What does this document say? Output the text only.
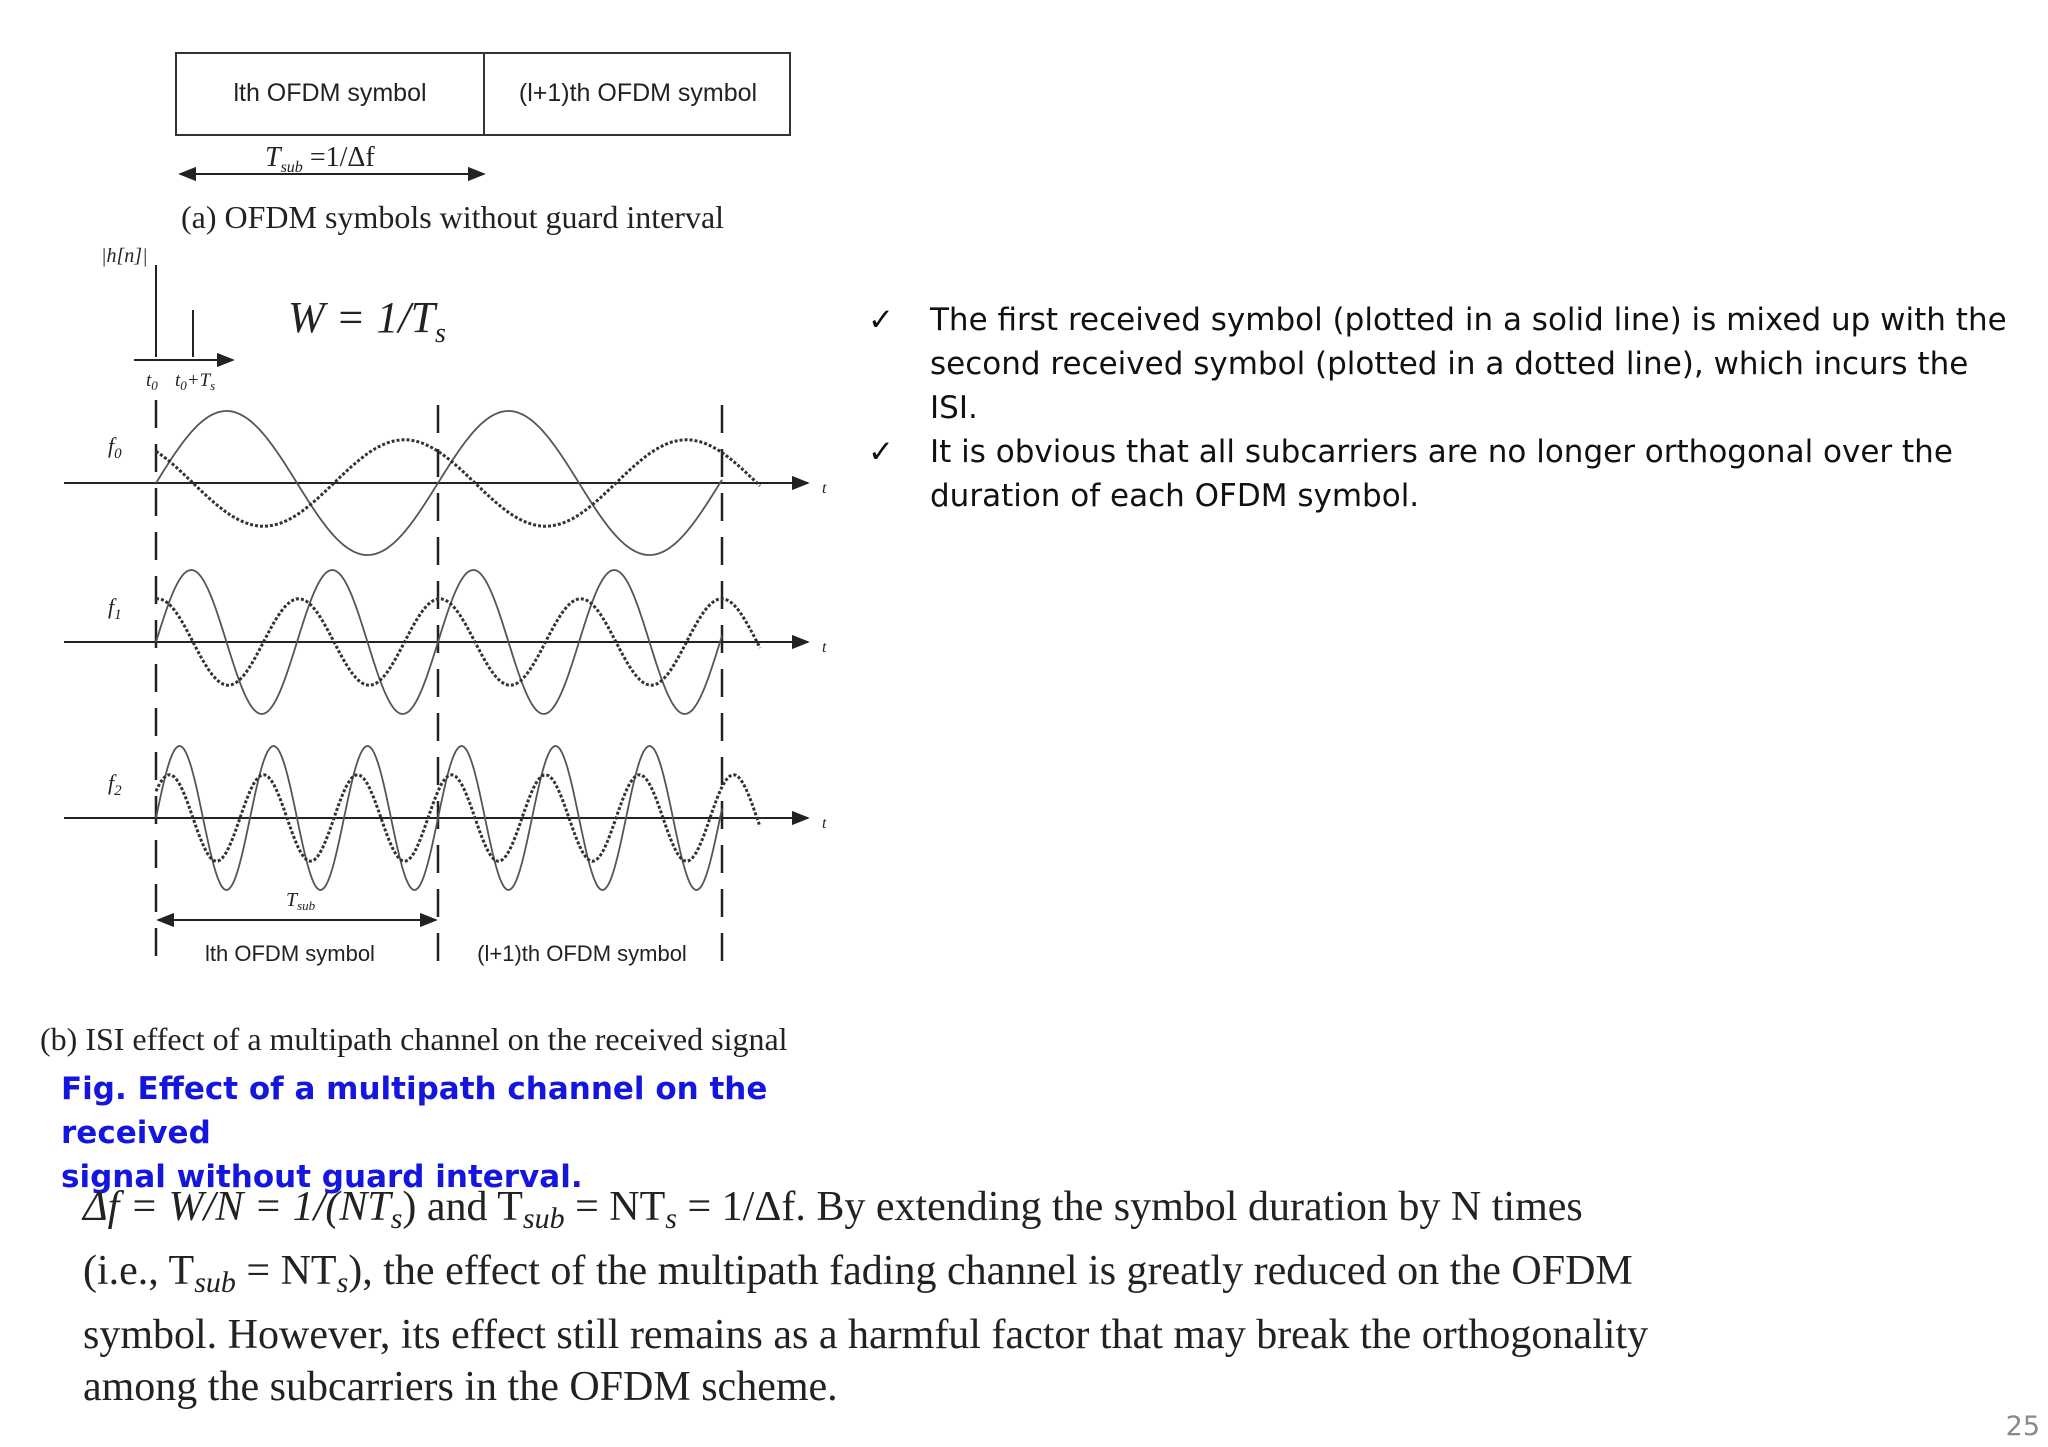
lth OFDM symbol	(l+1)th OFDM symbol
$T_{sub} =1/\Delta f$
(a) OFDM symbols without guard interval
|h[n]|
$t_0$ $t_0+T_s$
$W = 1/T_s$
$f_0$
t
$f_1$
t
$f_2$
t
$T_{sub}$
lth OFDM symbol	(l+1)th OFDM symbol
(b) ISI effect of a multipath channel on the received signal
✓ The first received symbol (plotted in a solid line) is mixed up with the second received symbol (plotted in a dotted line), which incurs the ISI.
✓ It is obvious that all subcarriers are no longer orthogonal over the duration of each OFDM symbol.

Fig. Effect of a multipath channel on the received
signal without guard interval.

$\Delta f = W/N = 1/(NT_s)$ and $T_{sub} = NT_s = 1/\Delta f$. By extending the symbol duration by N times
(i.e., $T_{sub} = NT_s$), the effect of the multipath fading channel is greatly reduced on the OFDM
symbol. However, its effect still remains as a harmful factor that may break the orthogonality
among the subcarriers in the OFDM scheme.

25
